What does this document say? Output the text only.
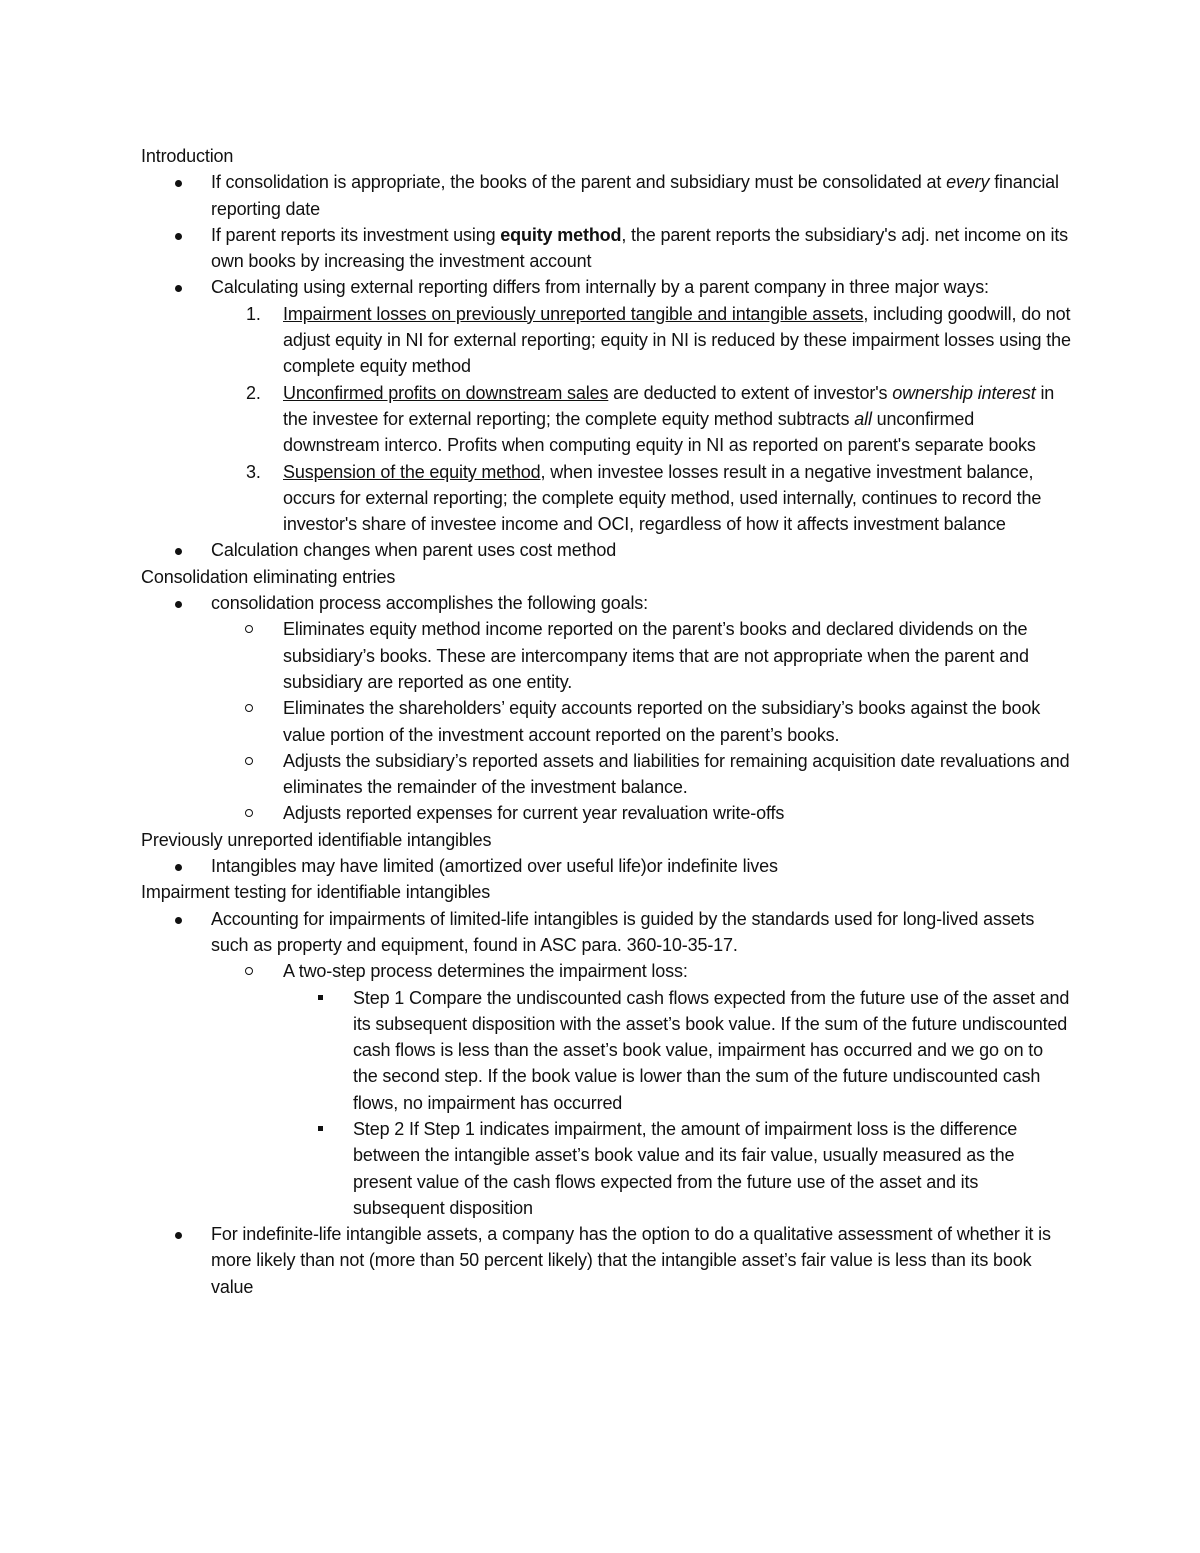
Introduction
If consolidation is appropriate, the books of the parent and subsidiary must be consolidated at every financial reporting date
If parent reports its investment using equity method, the parent reports the subsidiary's adj. net income on its own books by increasing the investment account
Calculating using external reporting differs from internally by a parent company in three major ways:
1. Impairment losses on previously unreported tangible and intangible assets, including goodwill, do not adjust equity in NI for external reporting; equity in NI is reduced by these impairment losses using the complete equity method
2. Unconfirmed profits on downstream sales are deducted to extent of investor's ownership interest in the investee for external reporting; the complete equity method subtracts all unconfirmed downstream interco. Profits when computing equity in NI as reported on parent's separate books
3. Suspension of the equity method, when investee losses result in a negative investment balance, occurs for external reporting; the complete equity method, used internally, continues to record the investor's share of investee income and OCI, regardless of how it affects investment balance
Calculation changes when parent uses cost method
Consolidation eliminating entries
consolidation process accomplishes the following goals:
Eliminates equity method income reported on the parent’s books and declared dividends on the subsidiary’s books. These are intercompany items that are not appropriate when the parent and subsidiary are reported as one entity.
Eliminates the shareholders’ equity accounts reported on the subsidiary’s books against the book value portion of the investment account reported on the parent’s books.
Adjusts the subsidiary’s reported assets and liabilities for remaining acquisition date revaluations and eliminates the remainder of the investment balance.
Adjusts reported expenses for current year revaluation write-offs
Previously unreported identifiable intangibles
Intangibles may have limited (amortized over useful life)or indefinite lives
Impairment testing for identifiable intangibles
Accounting for impairments of limited-life intangibles is guided by the standards used for long-lived assets such as property and equipment, found in ASC para. 360-10-35-17.
A two-step process determines the impairment loss:
Step 1 Compare the undiscounted cash flows expected from the future use of the asset and its subsequent disposition with the asset’s book value. If the sum of the future undiscounted cash flows is less than the asset’s book value, impairment has occurred and we go on to the second step. If the book value is lower than the sum of the future undiscounted cash flows, no impairment has occurred
Step 2 If Step 1 indicates impairment, the amount of impairment loss is the difference between the intangible asset’s book value and its fair value, usually measured as the present value of the cash flows expected from the future use of the asset and its subsequent disposition
For indefinite-life intangible assets, a company has the option to do a qualitative assessment of whether it is more likely than not (more than 50 percent likely) that the intangible asset’s fair value is less than its book value
